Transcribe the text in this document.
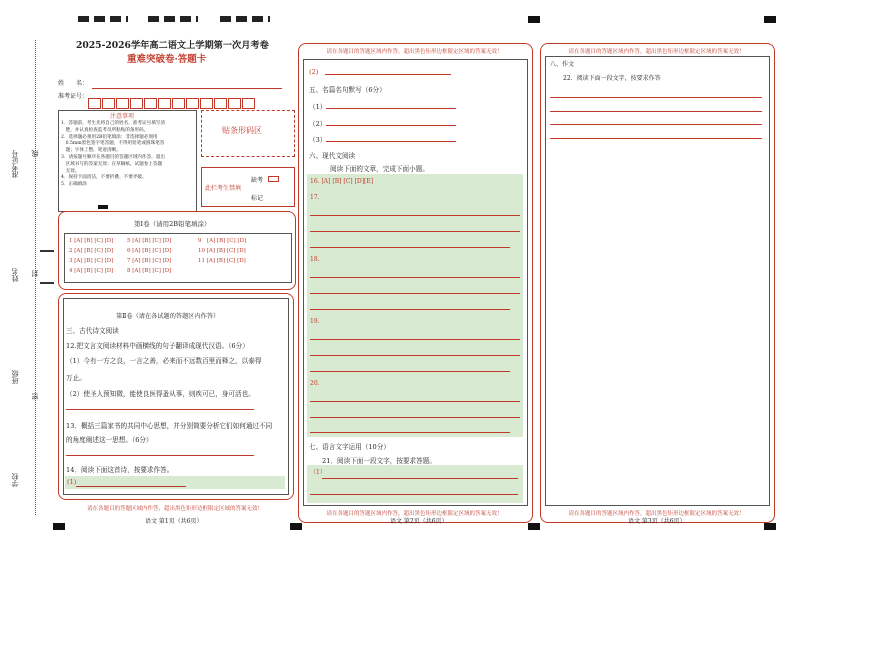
准考证号 线
姓名 封
班级
密
学校
2025-2026学年高二语文上学期第一次月考卷
重难突破卷·答题卡
姓　　名：
准考证号：
注意事项
1．答题前，考生先将自己的姓名，准考证号填写清
　楚，并认真检查监考员所粘贴的条形码。
2．选择题必须用2B铅笔填涂；非选择题必须用
　0.5mm黑色签字笔答题，不得用铅笔或圆珠笔答
　题；字体工整、笔迹清晰。
3．请按题号顺序在各题目的答题区域内作答，超出
　区域书写的答案无效；在草稿纸、试题卷上答题
　无效。
4．保持卡面清洁，不要折叠、不要弄破。
5．正确填涂
贴条形码区
此栏考生禁填
缺考
标记
第Ⅰ卷（请用2B铅笔填涂）
1 [A] [B] [C] [D]
2 [A] [B] [C] [D]
3 [A] [B] [C] [D]
4 [A] [B] [C] [D]
5 [A] [B] [C] [D]
6 [A] [B] [C] [D]
7 [A] [B] [C] [D]
8 [A] [B] [C] [D]
9　[A] [B] [C] [D]
10 [A] [B] [C] [D]
11 [A] [B] [C] [D]
第Ⅱ卷（请在各试题的答题区内作答）
三、古代诗文阅读
12.把文言文阅读材料中画横线的句子翻译成现代汉语。（6分）
（1）今有一方之良，一言之善，必来而不远数百里而释之，以泰得
万止。
（2）使圣人预知微，能使良医得蚤从事，则疾可已，身可活也。
13．概括三篇家书的共同中心思想，并分别简要分析它们如何通过不同
的角度阐述这一思想。（6分）
14．阅读下面这首诗，按要求作答。
(1)
(2)
五、名篇名句默写（6分）
（1）
（2）
（3）
六、现代文阅读
阅读下面的文章，完成下面小题。
16. [A] [B] [C] [D][E]
17.
18.
19.
20.
七、语言文字运用（10分）
21．阅读下面一段文字，按要求答题。
（1）
八、作文
22．阅读下面一段文字，按要求作答
请在各题目的答题区域内作答，超出黑色矩形边框限定区域的答案无效！	请在各题目的答题区域内作答，超出黑色矩形边框限定区域的答案无效！
请在各题目的答题区域内作答，超出黑色矩形边框限定区域的答案无效！
请在各题目的答题区域内作答，超出黑色矩形边框限定区域的答案无效！	请在各题目的答题区域内作答，超出黑色矩形边框限定区域的答案无效！
语文 第1页（共6页）	语文 第2页（共6页）	语文 第3页（共6页）
